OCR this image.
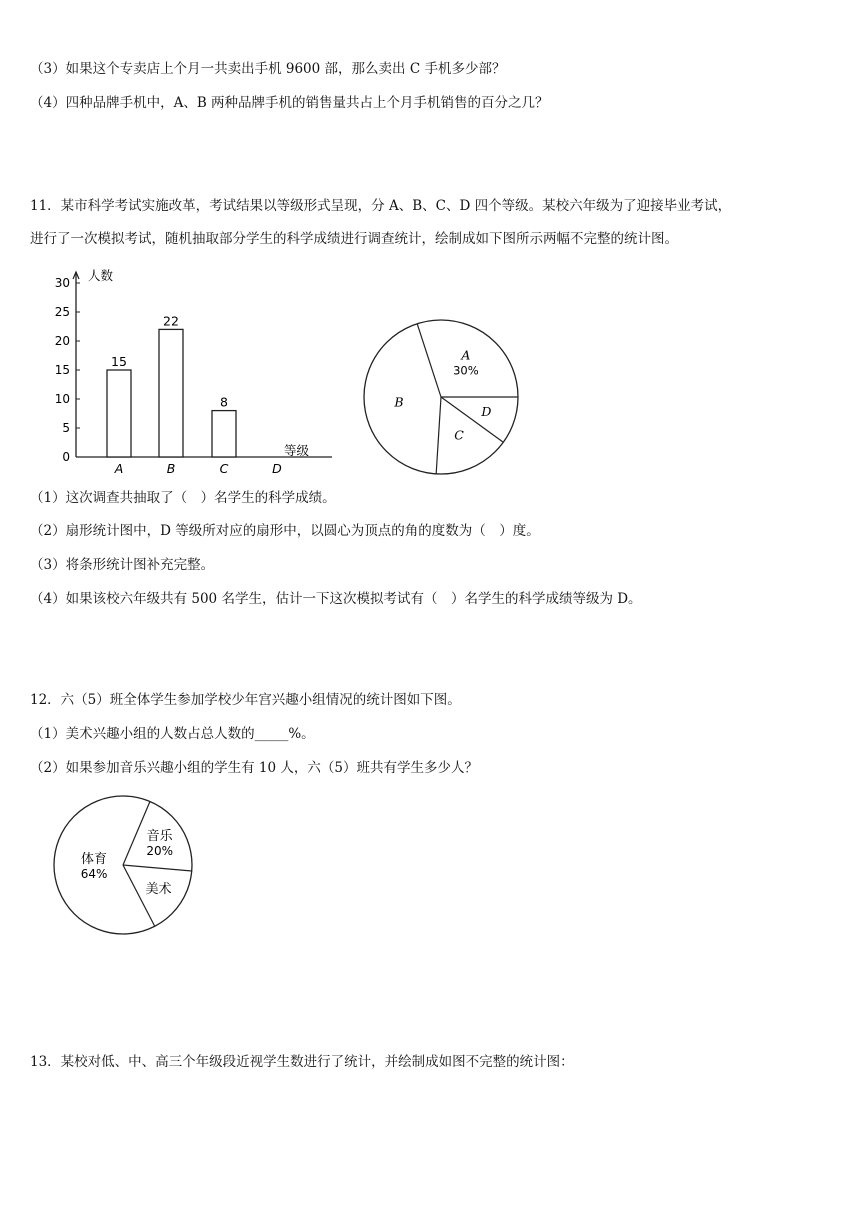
（3）如果这个专卖店上个月一共卖出手机 9600 部，那么卖出 C 手机多少部？
（4）四种品牌手机中，A、B 两种品牌手机的销售量共占上个月手机销售的百分之几？
11．某市科学考试实施改革，考试结果以等级形式呈现，分 A、B、C、D 四个等级。某校六年级为了迎接毕业考试，
进行了一次模拟考试，随机抽取部分学生的科学成绩进行调查统计，绘制成如下图所示两幅不完整的统计图。
0
5
10
15
20
25
30 人数
等级
15
A
22
B
8
C	D
A
30%
D
C
B
（1）这次调查共抽取了（　）名学生的科学成绩。
（2）扇形统计图中，D 等级所对应的扇形中，以圆心为顶点的角的度数为（　）度。
（3）将条形统计图补充完整。
（4）如果该校六年级共有 500 名学生，估计一下这次模拟考试有（　）名学生的科学成绩等级为 D。
12．六（5）班全体学生参加学校少年宫兴趣小组情况的统计图如下图。
（1）美术兴趣小组的人数占总人数的_____%。
（2）如果参加音乐兴趣小组的学生有 10 人，六（5）班共有学生多少人？
音乐
20%
美术
体育
64%
13．某校对低、中、高三个年级段近视学生数进行了统计，并绘制成如图不完整的统计图：
